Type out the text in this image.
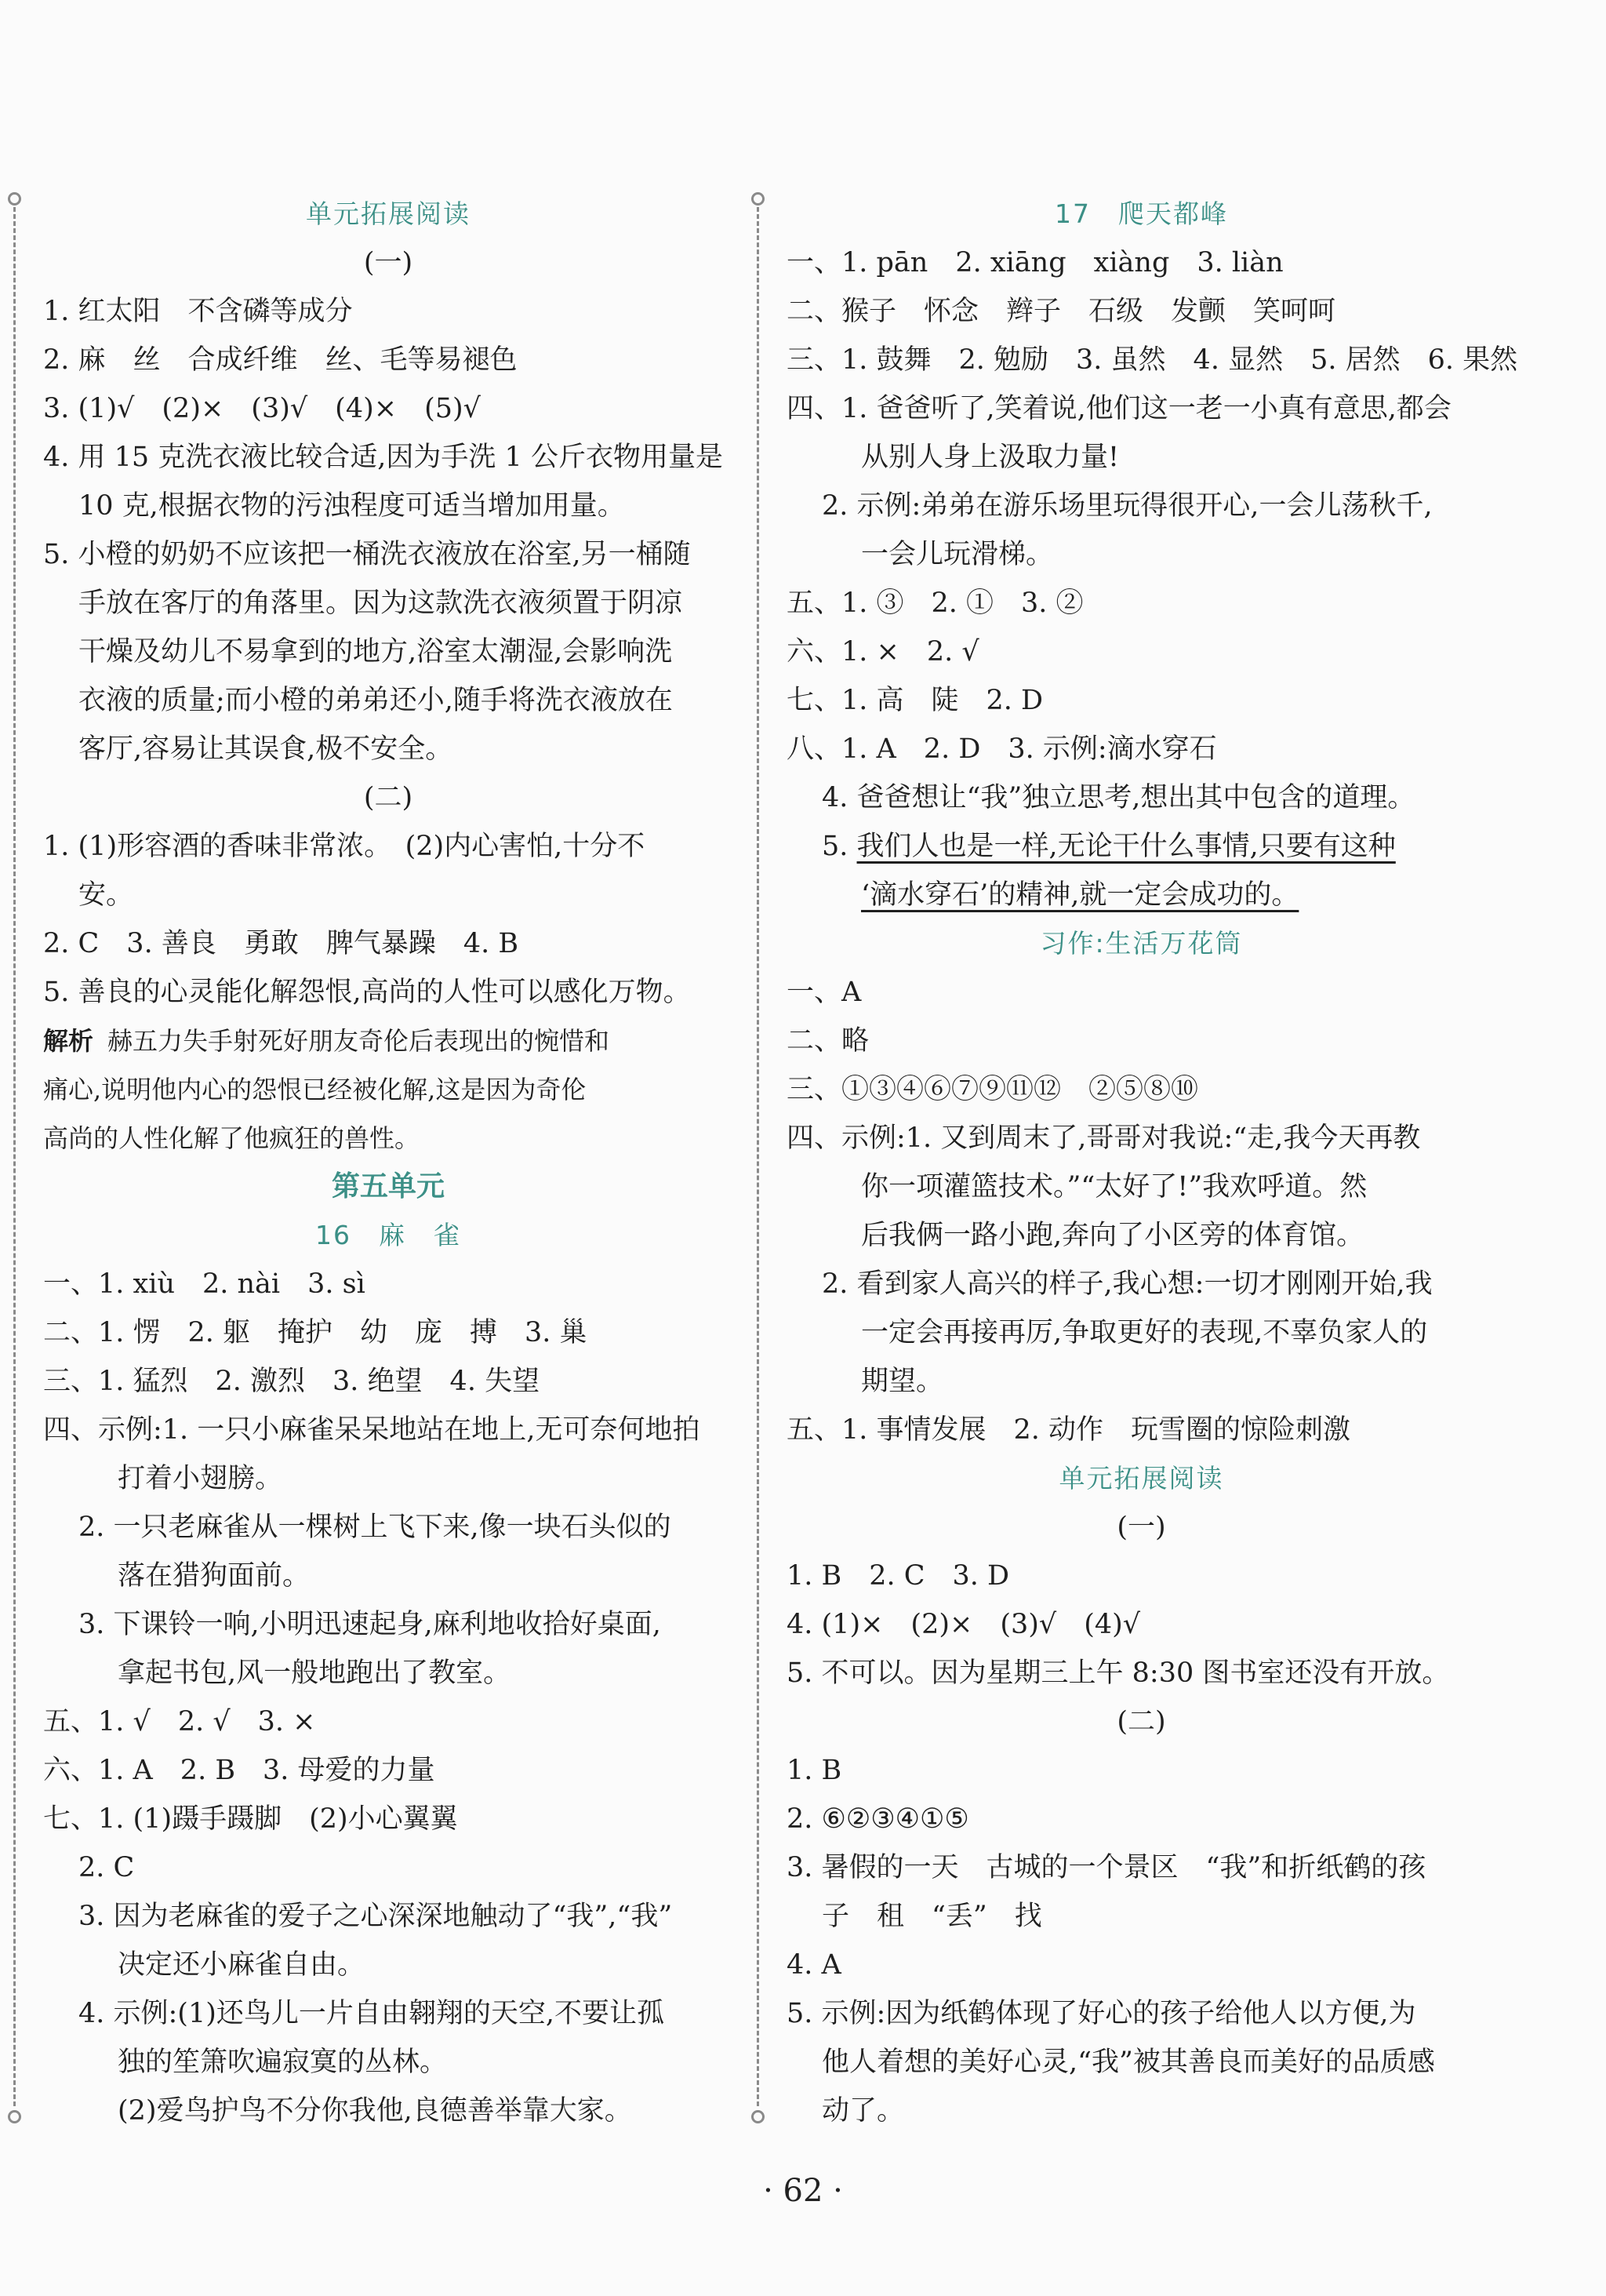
单元拓展阅读
(一)
1. 红太阳　不含磷等成分
2. 麻　丝　合成纤维　丝、毛等易褪色
3. (1)√　(2)×　(3)√　(4)×　(5)√
4. 用 15 克洗衣液比较合适,因为手洗 1 公斤衣物用量是
10 克,根据衣物的污浊程度可适当增加用量。
5. 小橙的奶奶不应该把一桶洗衣液放在浴室,另一桶随
手放在客厅的角落里。因为这款洗衣液须置于阴凉
干燥及幼儿不易拿到的地方,浴室太潮湿,会影响洗
衣液的质量;而小橙的弟弟还小,随手将洗衣液放在
客厅,容易让其误食,极不安全。
(二)
1. (1)形容酒的香味非常浓。　(2)内心害怕,十分不
安。
2. C　3. 善良　勇敢　脾气暴躁　4. B
5. 善良的心灵能化解怨恨,高尚的人性可以感化万物。
解析 赫五力失手射死好朋友奇伦后表现出的惋惜和
痛心,说明他内心的怨恨已经被化解,这是因为奇伦
高尚的人性化解了他疯狂的兽性。
第五单元
16　麻　雀
一、1. xiù　2. nài　3. sì
二、1. 愣　2. 躯　掩护　幼　庞　搏　3. 巢
三、1. 猛烈　2. 激烈　3. 绝望　4. 失望
四、示例:1. 一只小麻雀呆呆地站在地上,无可奈何地拍
打着小翅膀。
2. 一只老麻雀从一棵树上飞下来,像一块石头似的
落在猎狗面前。
3. 下课铃一响,小明迅速起身,麻利地收拾好桌面,
拿起书包,风一般地跑出了教室。
五、1. √　2. √　3. ×
六、1. A　2. B　3. 母爱的力量
七、1. (1)蹑手蹑脚　(2)小心翼翼
2. C
3. 因为老麻雀的爱子之心深深地触动了“我”,“我”
决定还小麻雀自由。
4. 示例:(1)还鸟儿一片自由翱翔的天空,不要让孤
独的笙箫吹遍寂寞的丛林。
(2)爱鸟护鸟不分你我他,良德善举靠大家。
17　爬天都峰
一、1. pān　2. xiāng　xiàng　3. liàn
二、猴子　怀念　辫子　石级　发颤　笑呵呵
三、1. 鼓舞　2. 勉励　3. 虽然　4. 显然　5. 居然　6. 果然
四、1. 爸爸听了,笑着说,他们这一老一小真有意思,都会
从别人身上汲取力量!
2. 示例:弟弟在游乐场里玩得很开心,一会儿荡秋千,
一会儿玩滑梯。
五、1. ③　2. ①　3. ②
六、1. ×　2. √
七、1. 高　陡　2. D
八、1. A　2. D　3. 示例:滴水穿石
4. 爸爸想让“我”独立思考,想出其中包含的道理。
5. 我们人也是一样,无论干什么事情,只要有这种
‘滴水穿石’的精神,就一定会成功的。
习作:生活万花筒
一、A
二、略
三、①③④⑥⑦⑨⑪⑫　②⑤⑧⑩
四、示例:1. 又到周末了,哥哥对我说:“走,我今天再教
你一项灌篮技术。”“太好了!”我欢呼道。然
后我俩一路小跑,奔向了小区旁的体育馆。
2. 看到家人高兴的样子,我心想:一切才刚刚开始,我
一定会再接再厉,争取更好的表现,不辜负家人的
期望。
五、1. 事情发展　2. 动作　玩雪圈的惊险刺激
单元拓展阅读
(一)
1. B　2. C　3. D
4. (1)×　(2)×　(3)√　(4)√
5. 不可以。因为星期三上午 8:30 图书室还没有开放。
(二)
1. B
2. ⑥②③④①⑤
3. 暑假的一天　古城的一个景区　“我”和折纸鹤的孩
子　租　“丢”　找
4. A
5. 示例:因为纸鹤体现了好心的孩子给他人以方便,为
他人着想的美好心灵,“我”被其善良而美好的品质感
动了。
· 62 ·
